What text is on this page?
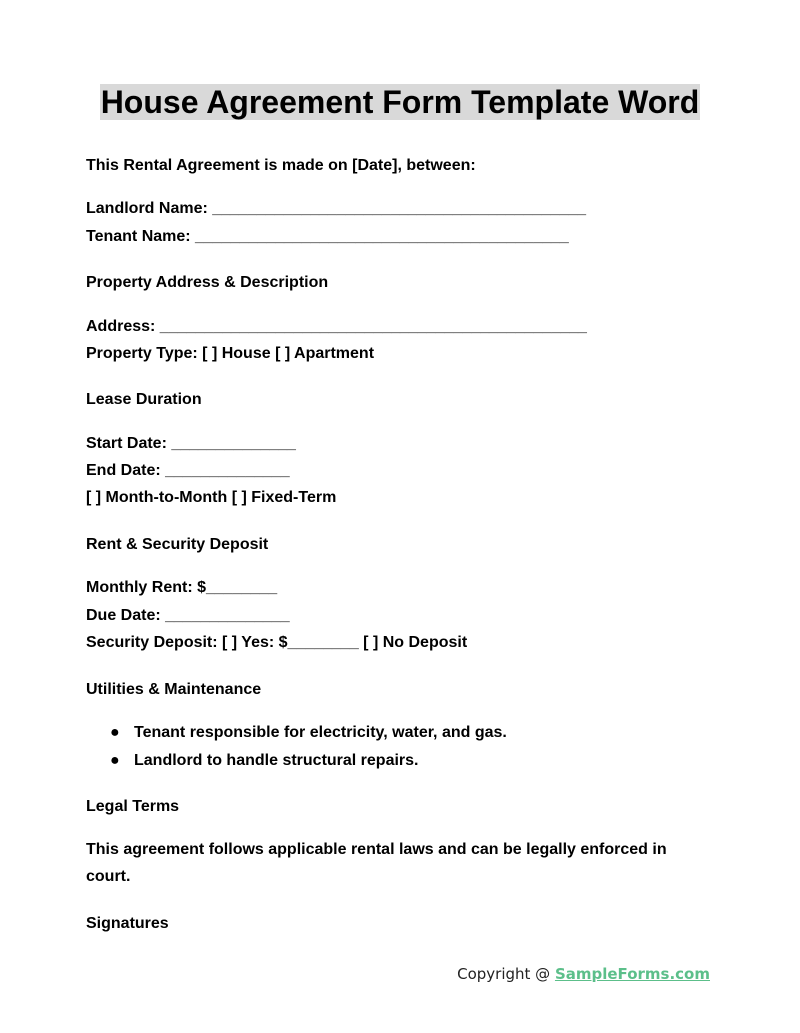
House Agreement Form Template Word
This Rental Agreement is made on [Date], between:
Landlord Name: __________________________________________
Tenant Name: __________________________________________
Property Address & Description
Address: ________________________________________________
Property Type: [ ] House [ ] Apartment
Lease Duration
Start Date: ______________
End Date: ______________
[ ] Month-to-Month [ ] Fixed-Term
Rent & Security Deposit
Monthly Rent: $________
Due Date: ______________
Security Deposit: [ ] Yes: $________ [ ] No Deposit
Utilities & Maintenance
● Tenant responsible for electricity, water, and gas.
● Landlord to handle structural repairs.
Legal Terms
This agreement follows applicable rental laws and can be legally enforced in court.
Signatures
Copyright @ SampleForms.com
